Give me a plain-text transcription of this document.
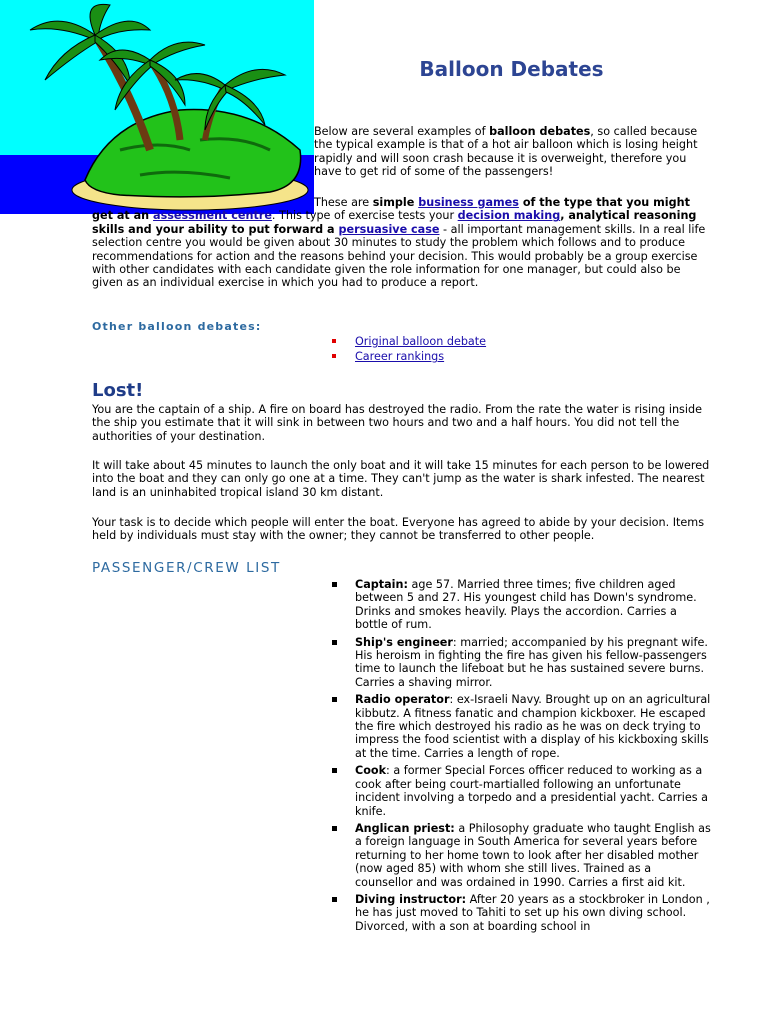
Balloon Debates
Below are several examples of balloon debates, so called because the typical example is that of a hot air balloon which is losing height rapidly and will soon crash because it is overweight, therefore you have to get rid of some of the passengers!
These are simple business games of the type that you might get at an assessment centre. This type of exercise tests your decision making, analytical reasoning skills and your ability to put forward a persuasive case - all important management skills. In a real life selection centre you would be given about 30 minutes to study the problem which follows and to produce recommendations for action and the reasons behind your decision. This would probably be a group exercise with other candidates with each candidate given the role information for one manager, but could also be given as an individual exercise in which you had to produce a report.
Other balloon debates:
Original balloon debate
Career rankings
Lost!
You are the captain of a ship. A fire on board has destroyed the radio. From the rate the water is rising inside the ship you estimate that it will sink in between two hours and two and a half hours. You did not tell the authorities of your destination.
It will take about 45 minutes to launch the only boat and it will take 15 minutes for each person to be lowered into the boat and they can only go one at a time. They can't jump as the water is shark infested. The nearest land is an uninhabited tropical island 30 km distant.
Your task is to decide which people will enter the boat. Everyone has agreed to abide by your decision. Items held by individuals must stay with the owner; they cannot be transferred to other people.
PASSENGER/CREW LIST
Captain: age 57. Married three times; five children aged between 5 and 27. His youngest child has Down's syndrome. Drinks and smokes heavily. Plays the accordion. Carries a bottle of rum.
Ship's engineer: married; accompanied by his pregnant wife. His heroism in fighting the fire has given his fellow-passengers time to launch the lifeboat but he has sustained severe burns. Carries a shaving mirror.
Radio operator: ex-Israeli Navy. Brought up on an agricultural kibbutz. A fitness fanatic and champion kickboxer. He escaped the fire which destroyed his radio as he was on deck trying to impress the food scientist with a display of his kickboxing skills at the time. Carries a length of rope.
Cook: a former Special Forces officer reduced to working as a cook after being court-martialled following an unfortunate incident involving a torpedo and a presidential yacht. Carries a knife.
Anglican priest: a Philosophy graduate who taught English as a foreign language in South America for several years before returning to her home town to look after her disabled mother (now aged 85) with whom she still lives. Trained as a counsellor and was ordained in 1990. Carries a first aid kit.
Diving instructor: After 20 years as a stockbroker in London , he has just moved to Tahiti to set up his own diving school. Divorced, with a son at boarding school in
